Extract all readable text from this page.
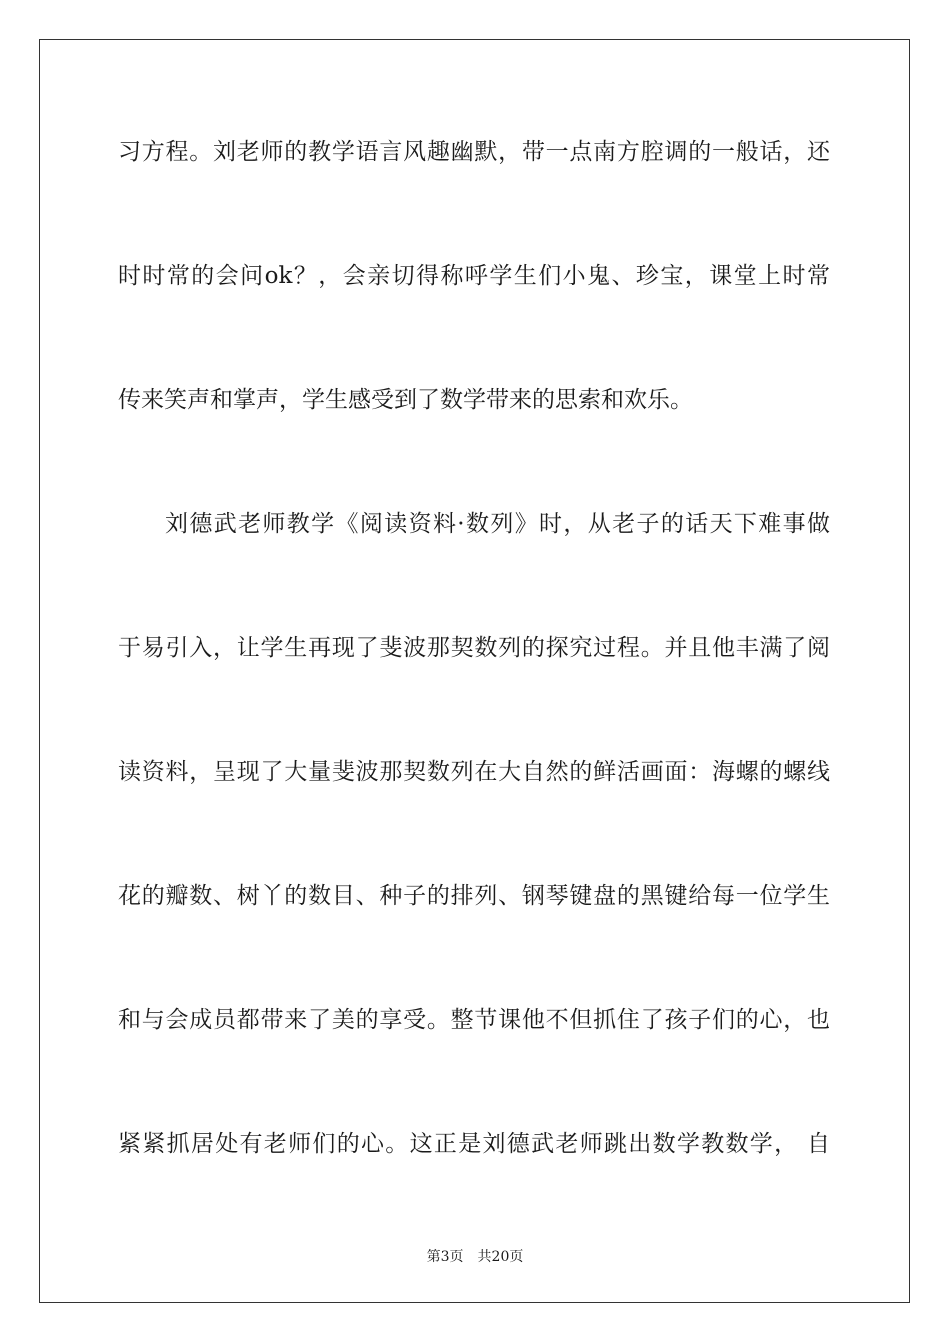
习方程。刘老师的教学语言风趣幽默，带一点南方腔调的一般话，还
时时常的会问ok？，会亲切得称呼学生们小鬼、珍宝，课堂上时常
传来笑声和掌声，学生感受到了数学带来的思索和欢乐。
刘德武老师教学《阅读资料·数列》时，从老子的话天下难事做
于易引入，让学生再现了斐波那契数列的探究过程。并且他丰满了阅
读资料，呈现了大量斐波那契数列在大自然的鲜活画面：海螺的螺线
花的瓣数、树丫的数目、种子的排列、钢琴键盘的黑键给每一位学生
和与会成员都带来了美的享受。整节课他不但抓住了孩子们的心，也
紧紧抓居处有老师们的心。这正是刘德武老师跳出数学教数学， 自
第3页 共20页
